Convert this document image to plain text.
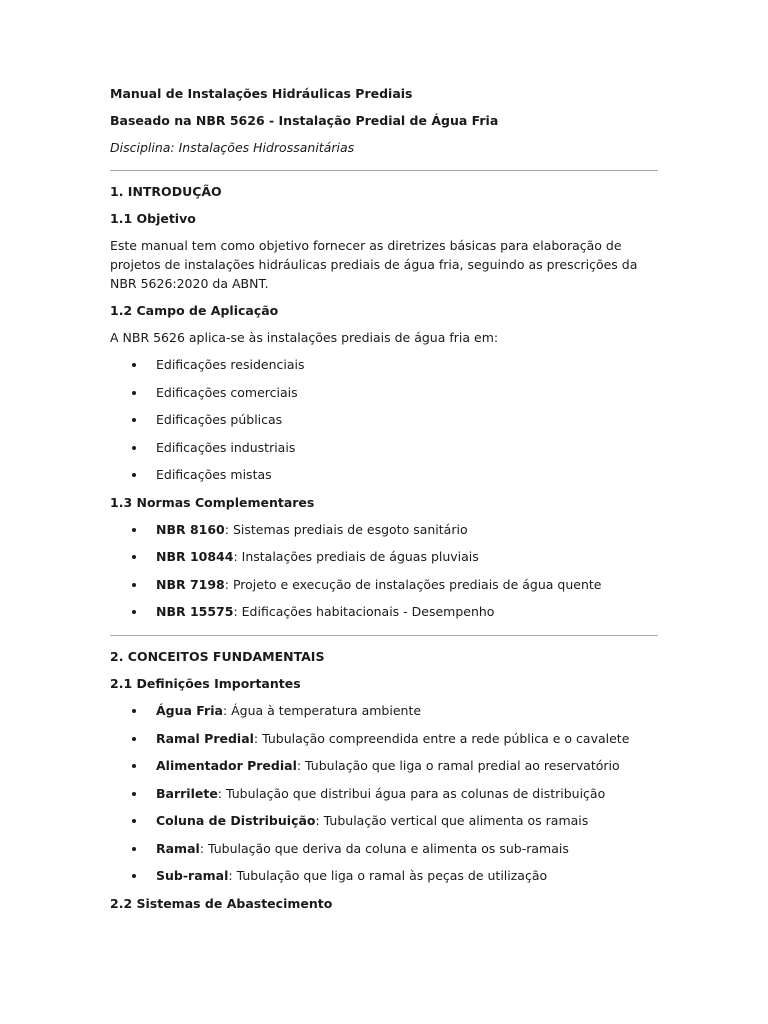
Manual de Instalações Hidráulicas Prediais

Baseado na NBR 5626 - Instalação Predial de Água Fria

Disciplina: Instalações Hidrossanitárias

1. INTRODUÇÃO

1.1 Objetivo

Este manual tem como objetivo fornecer as diretrizes básicas para elaboração de projetos de instalações hidráulicas prediais de água fria, seguindo as prescrições da NBR 5626:2020 da ABNT.

1.2 Campo de Aplicação

A NBR 5626 aplica-se às instalações prediais de água fria em:

Edificações residenciais
Edificações comerciais
Edificações públicas
Edificações industriais
Edificações mistas

1.3 Normas Complementares

NBR 8160: Sistemas prediais de esgoto sanitário
NBR 10844: Instalações prediais de águas pluviais
NBR 7198: Projeto e execução de instalações prediais de água quente
NBR 15575: Edificações habitacionais - Desempenho

2. CONCEITOS FUNDAMENTAIS

2.1 Definições Importantes

Água Fria: Água à temperatura ambiente
Ramal Predial: Tubulação compreendida entre a rede pública e o cavalete
Alimentador Predial: Tubulação que liga o ramal predial ao reservatório
Barrilete: Tubulação que distribui água para as colunas de distribuição
Coluna de Distribuição: Tubulação vertical que alimenta os ramais
Ramal: Tubulação que deriva da coluna e alimenta os sub-ramais
Sub-ramal: Tubulação que liga o ramal às peças de utilização

2.2 Sistemas de Abastecimento
